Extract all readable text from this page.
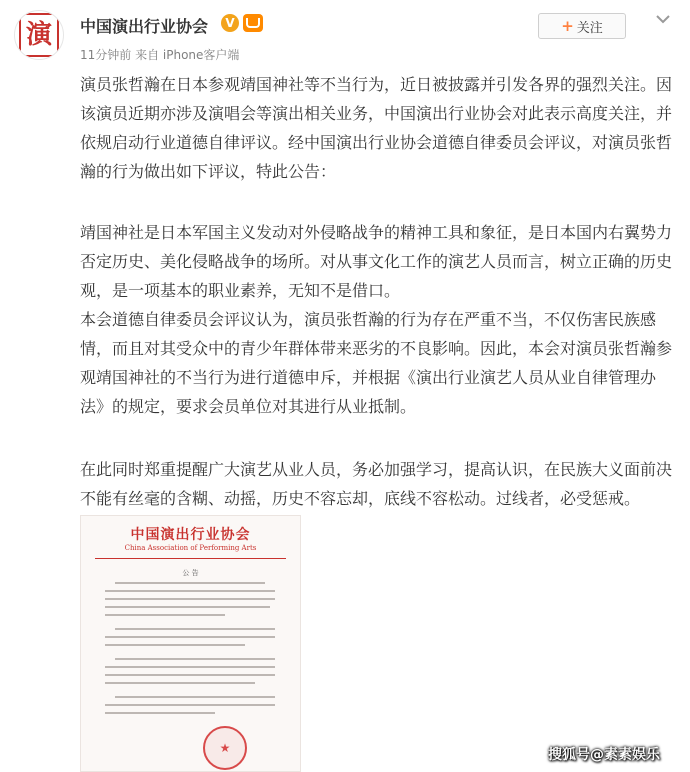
演 中国演出行业协会	V
11分钟前 来自 iPhone客户端
+ 关注

演员张哲瀚在日本参观靖国神社等不当行为，近日被披露并引发各界的强烈关注。因该演员近期亦涉及演唱会等演出相关业务，中国演出行业协会对此表示高度关注，并依规启动行业道德自律评议。经中国演出行业协会道德自律委员会评议，对演员张哲瀚的行为做出如下评议，特此公告：

靖国神社是日本军国主义发动对外侵略战争的精神工具和象征，是日本国内右翼势力否定历史、美化侵略战争的场所。对从事文化工作的演艺人员而言，树立正确的历史观，是一项基本的职业素养，无知不是借口。

本会道德自律委员会评议认为，演员张哲瀚的行为存在严重不当，不仅伤害民族感情，而且对其受众中的青少年群体带来恶劣的不良影响。因此，本会对演员张哲瀚参观靖国神社的不当行为进行道德申斥，并根据《演出行业演艺人员从业自律管理办法》的规定，要求会员单位对其进行从业抵制。

在此同时郑重提醒广大演艺从业人员，务必加强学习，提高认识，在民族大义面前决不能有丝毫的含糊、动摇，历史不容忘却，底线不容松动。过线者，必受惩戒。

中国演出行业协会
China Association of Performing Arts
公 告
★	搜狐号@素素娱乐
